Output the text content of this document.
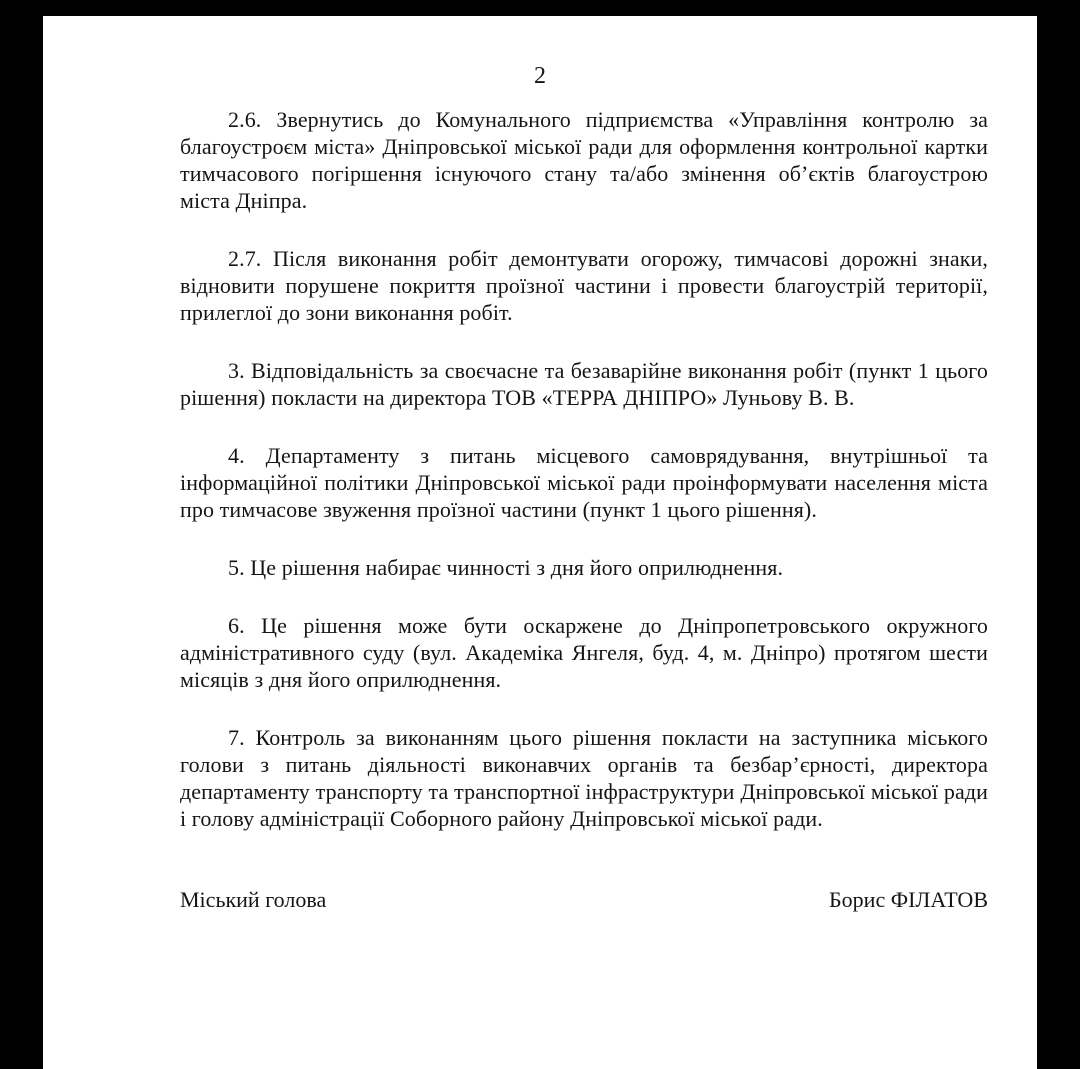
2

2.6. Звернутись до Комунального підприємства «Управління контролю за благоустроєм міста» Дніпровської міської ради для оформлення контрольної картки тимчасового погіршення існуючого стану та/або змінення об’єктів благоустрою міста Дніпра.

2.7. Після виконання робіт демонтувати огорожу, тимчасові дорожні знаки, відновити порушене покриття проїзної частини і провести благоустрій території, прилеглої до зони виконання робіт.

3. Відповідальність за своєчасне та безаварійне виконання робіт (пункт 1 цього рішення) покласти на директора ТОВ «ТЕРРА ДНІПРО» Луньову В. В.

4. Департаменту з питань місцевого самоврядування, внутрішньої та інформаційної політики Дніпровської міської ради проінформувати населення міста про тимчасове звуження проїзної частини (пункт 1 цього рішення).

5. Це рішення набирає чинності з дня його оприлюднення.

6. Це рішення може бути оскаржене до Дніпропетровського окружного адміністративного суду (вул. Академіка Янгеля, буд. 4, м. Дніпро) протягом шести місяців з дня його оприлюднення.

7. Контроль за виконанням цього рішення покласти на заступника міського голови з питань діяльності виконавчих органів та безбар’єрності, директора департаменту транспорту та транспортної інфраструктури Дніпровської міської ради і голову адміністрації Соборного району Дніпровської міської ради.

Міський голова	Борис ФІЛАТОВ
